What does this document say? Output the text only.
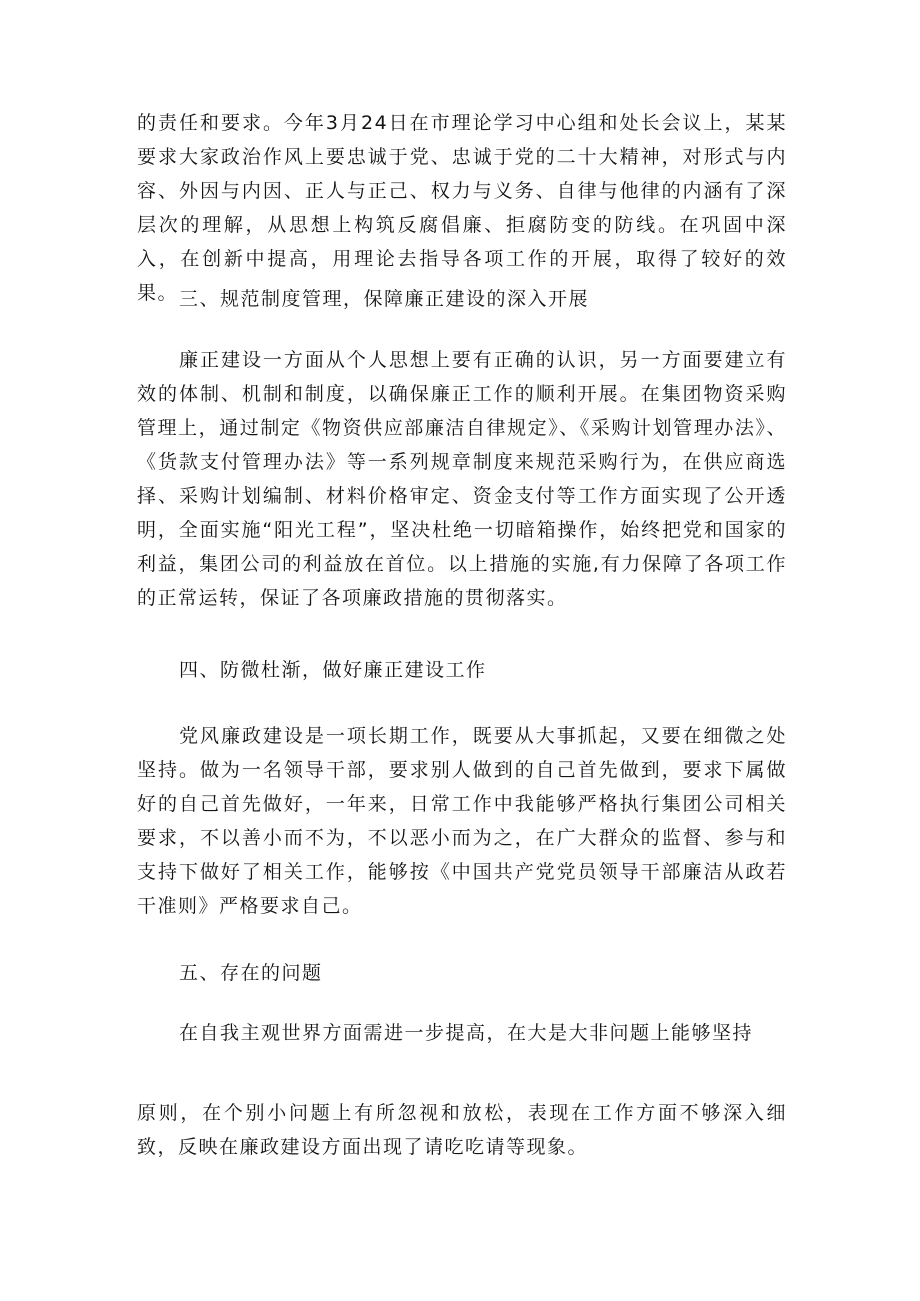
的责任和要求。今年3月24日在市理论学习中心组和处长会议上，某某要求大家政治作风上要忠诚于党、忠诚于党的二十大精神，对形式与内容、外因与内因、正人与正己、权力与义务、自律与他律的内涵有了深层次的理解，从思想上构筑反腐倡廉、拒腐防变的防线。在巩固中深入，在创新中提高，用理论去指导各项工作的开展，取得了较好的效果。 三、规范制度管理，保障廉正建设的深入开展

廉正建设一方面从个人思想上要有正确的认识，另一方面要建立有效的体制、机制和制度，以确保廉正工作的顺利开展。在集团物资采购管理上，通过制定《物资供应部廉洁自律规定》、《采购计划管理办法》、《货款支付管理办法》等一系列规章制度来规范采购行为，在供应商选择、采购计划编制、材料价格审定、资金支付等工作方面实现了公开透明，全面实施“阳光工程”，坚决杜绝一切暗箱操作，始终把党和国家的利益，集团公司的利益放在首位。以上措施的实施,有力保障了各项工作的正常运转，保证了各项廉政措施的贯彻落实。

四、防微杜渐，做好廉正建设工作

党风廉政建设是一项长期工作，既要从大事抓起，又要在细微之处坚持。做为一名领导干部，要求别人做到的自己首先做到，要求下属做好的自己首先做好，一年来，日常工作中我能够严格执行集团公司相关要求，不以善小而不为，不以恶小而为之，在广大群众的监督、参与和支持下做好了相关工作，能够按《中国共产党党员领导干部廉洁从政若干准则》严格要求自己。

五、存在的问题

在自我主观世界方面需进一步提高，在大是大非问题上能够坚持

原则，在个别小问题上有所忽视和放松，表现在工作方面不够深入细致，反映在廉政建设方面出现了请吃吃请等现象。
